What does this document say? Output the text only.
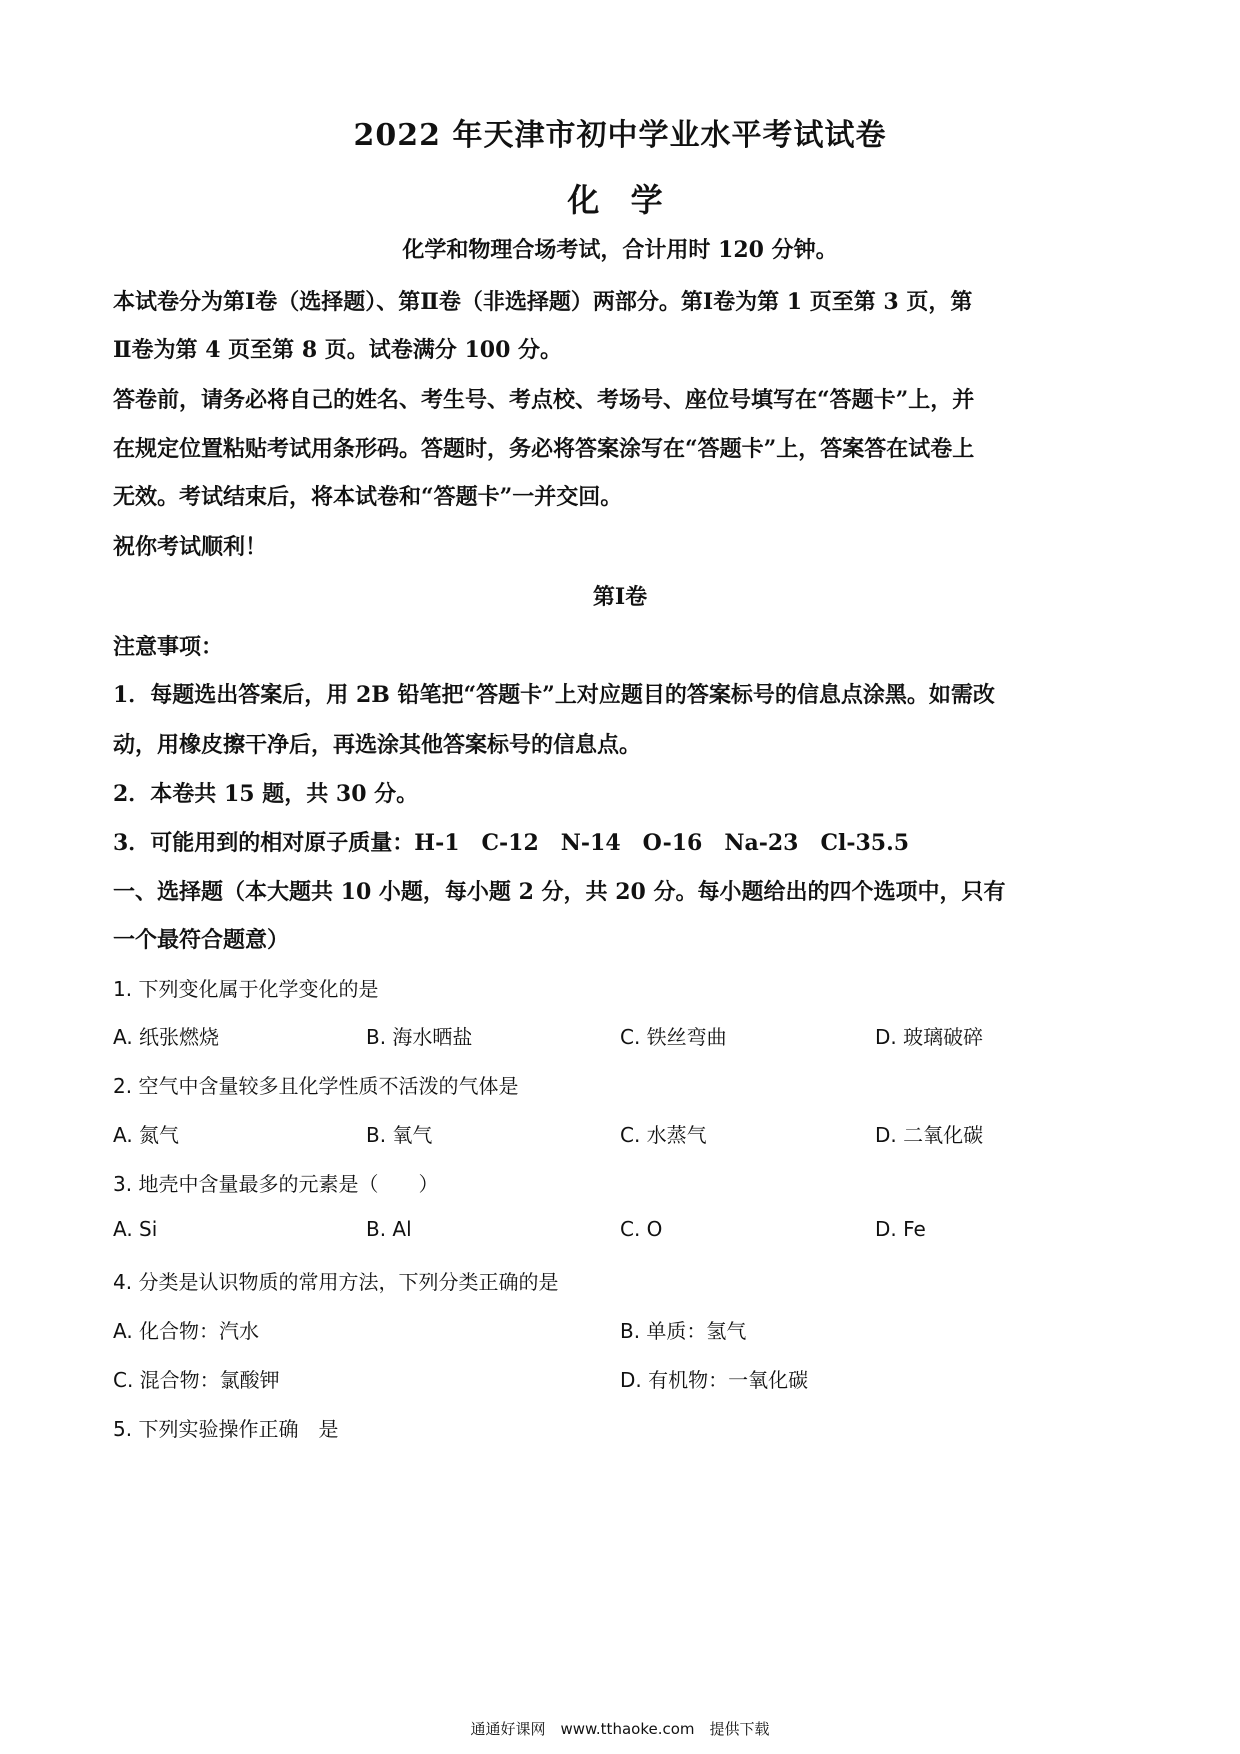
2022 年天津市初中学业水平考试试卷
化 学
化学和物理合场考试，合计用时 120 分钟。
本试卷分为第Ⅰ卷（选择题）、第Ⅱ卷（非选择题）两部分。第Ⅰ卷为第 1 页至第 3 页，第
Ⅱ卷为第 4 页至第 8 页。试卷满分 100 分。
答卷前，请务必将自己的姓名、考生号、考点校、考场号、座位号填写在“答题卡”上，并
在规定位置粘贴考试用条形码。答题时，务必将答案涂写在“答题卡”上，答案答在试卷上
无效。考试结束后，将本试卷和“答题卡”一并交回。
祝你考试顺利！
第Ⅰ卷
注意事项：
1．每题选出答案后，用 2B 铅笔把“答题卡”上对应题目的答案标号的信息点涂黑。如需改
动，用橡皮擦干净后，再选涂其他答案标号的信息点。
2．本卷共 15 题，共 30 分。
3．可能用到的相对原子质量：H-1　C-12　N-14　O-16　Na-23　Cl-35.5
一、选择题（本大题共 10 小题，每小题 2 分，共 20 分。每小题给出的四个选项中，只有
一个最符合题意）
1. 下列变化属于化学变化的是
A. 纸张燃烧	B. 海水晒盐	C. 铁丝弯曲	D. 玻璃破碎
2. 空气中含量较多且化学性质不活泼的气体是
A. 氮气	B. 氧气	C. 水蒸气	D. 二氧化碳
3. 地壳中含量最多的元素是（　　）
A. Si	B. Al	C. O	D. Fe
4. 分类是认识物质的常用方法，下列分类正确的是
A. 化合物：汽水	B. 单质：氢气
C. 混合物：氯酸钾	D. 有机物：一氧化碳
5. 下列实验操作正确　是
通通好课网　www.tthaoke.com　提供下载
